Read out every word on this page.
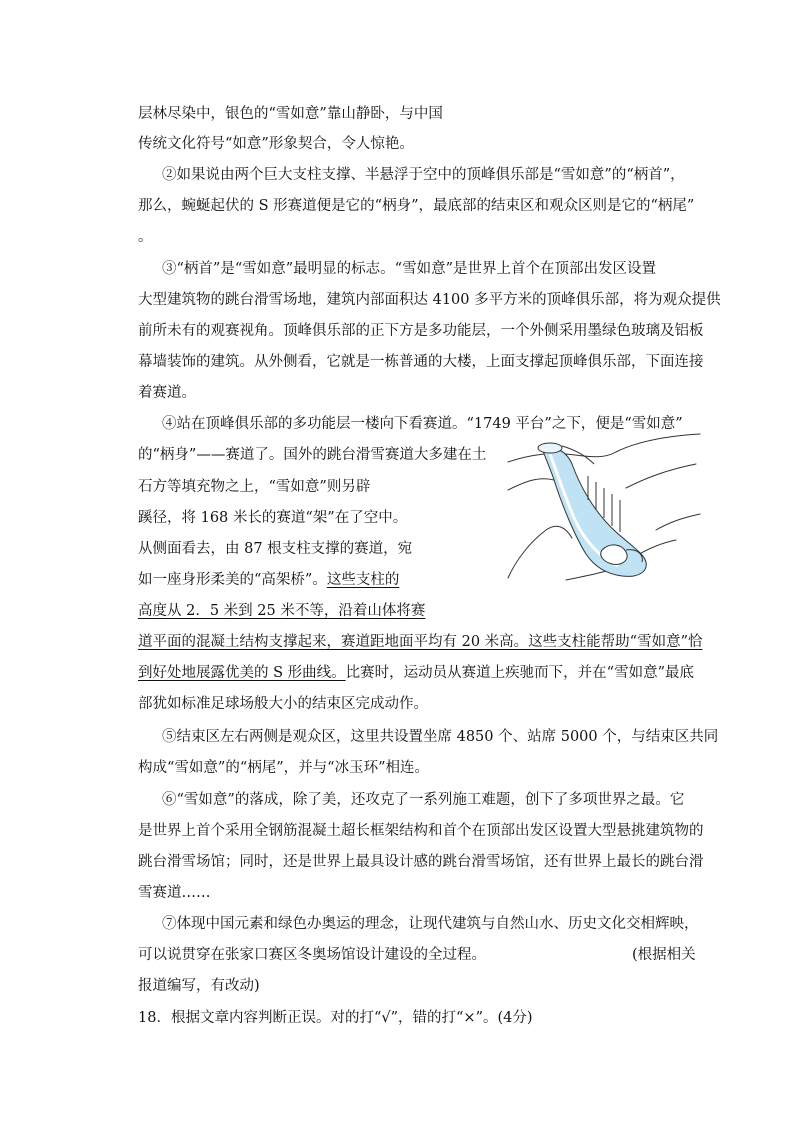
层林尽染中，银色的“雪如意”靠山静卧，与中国
传统文化符号“如意”形象契合，令人惊艳。
②如果说由两个巨大支柱支撑、半悬浮于空中的顶峰俱乐部是“雪如意”的“柄首”，
那么，蜿蜒起伏的 S 形赛道便是它的“柄身”，最底部的结束区和观众区则是它的“柄尾”
。
③“柄首”是“雪如意”最明显的标志。“雪如意”是世界上首个在顶部出发区设置
大型建筑物的跳台滑雪场地，建筑内部面积达 4100 多平方米的顶峰俱乐部，将为观众提供
前所未有的观赛视角。顶峰俱乐部的正下方是多功能层，一个外侧采用墨绿色玻璃及铝板
幕墙装饰的建筑。从外侧看，它就是一栋普通的大楼，上面支撑起顶峰俱乐部，下面连接
着赛道。
④站在顶峰俱乐部的多功能层一楼向下看赛道。“1749 平台”之下，便是“雪如意”
的“柄身”——赛道了。国外的跳台滑雪赛道大多建在土
石方等填充物之上，“雪如意”则另辟
蹊径，将 168 米长的赛道“架”在了空中。
从侧面看去，由 87 根支柱支撑的赛道，宛
如一座身形柔美的“高架桥”。这些支柱的
高度从 2．5 米到 25 米不等，沿着山体将赛
道平面的混凝土结构支撑起来，赛道距地面平均有 20 米高。这些支柱能帮助“雪如意”恰
到好处地展露优美的 S 形曲线。比赛时，运动员从赛道上疾驰而下，并在“雪如意”最底
部犹如标准足球场般大小的结束区完成动作。
⑤结束区左右两侧是观众区，这里共设置坐席 4850 个、站席 5000 个，与结束区共同
构成“雪如意”的“柄尾”，并与“冰玉环”相连。
⑥“雪如意”的落成，除了美，还攻克了一系列施工难题，创下了多项世界之最。它
是世界上首个采用全钢筋混凝土超长框架结构和首个在顶部出发区设置大型悬挑建筑物的
跳台滑雪场馆；同时，还是世界上最具设计感的跳台滑雪场馆，还有世界上最长的跳台滑
雪赛道……
⑦体现中国元素和绿色办奥运的理念，让现代建筑与自然山水、历史文化交相辉映，
可以说贯穿在张家口赛区冬奥场馆设计建设的全过程。	(根据相关
报道编写，有改动)
18．根据文章内容判断正误。对的打“√”，错的打“×”。(4分)
